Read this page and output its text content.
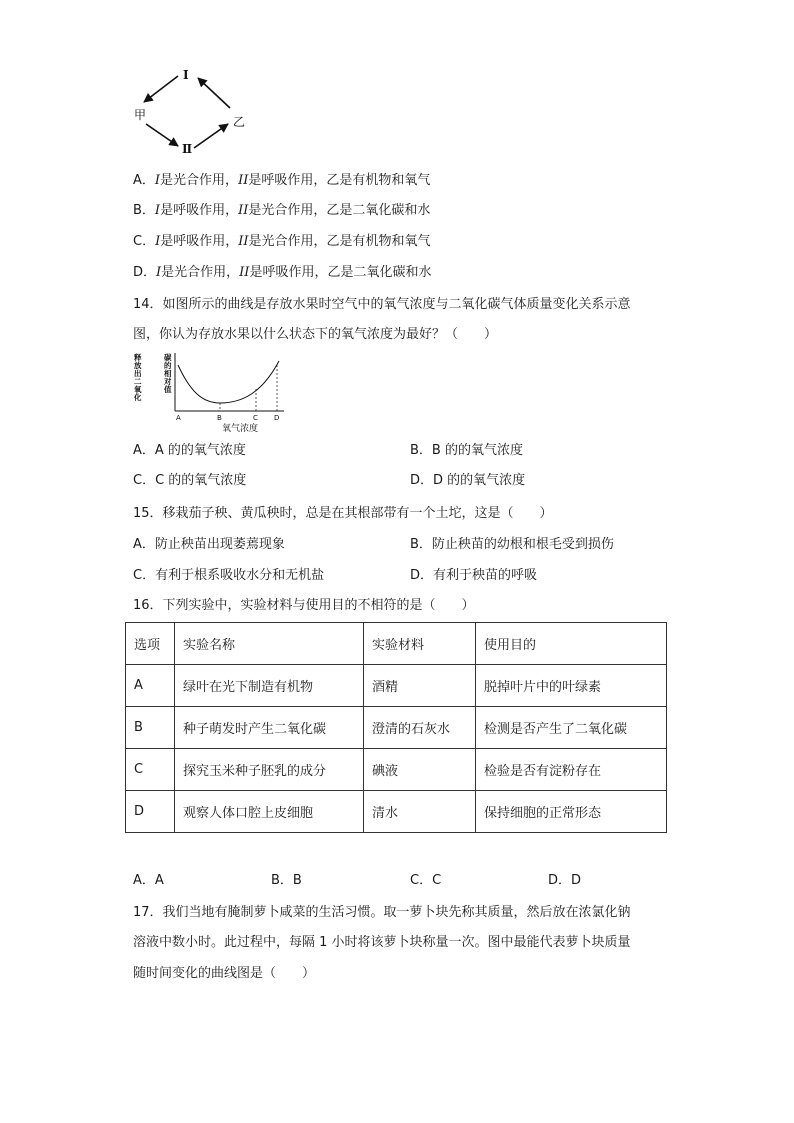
I
甲
Ⅱ
乙
A．I是光合作用，II是呼吸作用，乙是有机物和氧气
B．I是呼吸作用，II是光合作用，乙是二氧化碳和水
C．I是呼吸作用，II是光合作用，乙是有机物和氧气
D．I是光合作用，II是呼吸作用，乙是二氧化碳和水
14．如图所示的曲线是存放水果时空气中的氧气浓度与二氧化碳气体质量变化关系示意
图，你认为存放水果以什么状态下的氧气浓度为最好？（　　）
释放出二氧化
碳的相对值
A	B	C D
氧气浓度
A．A 的的氧气浓度	B．B 的的氧气浓度
C．C 的的氧气浓度	D．D 的的氧气浓度
15．移栽茄子秧、黄瓜秧时，总是在其根部带有一个土坨，这是（　　）
A．防止秧苗出现萎蔫现象	B．防止秧苗的幼根和根毛受到损伤
C．有利于根系吸收水分和无机盐	D．有利于秧苗的呼吸
16．下列实验中，实验材料与使用目的不相符的是（　　）
选项	实验名称	实验材料	使用目的
A	绿叶在光下制造有机物	酒精	脱掉叶片中的叶绿素
B	种子萌发时产生二氧化碳	澄清的石灰水	检测是否产生了二氧化碳
C	探究玉米种子胚乳的成分	碘液	检验是否有淀粉存在
D	观察人体口腔上皮细胞	清水	保持细胞的正常形态
A．A	B．B	C．C	D．D
17．我们当地有腌制萝卜咸菜的生活习惯。取一萝卜块先称其质量，然后放在浓氯化钠
溶液中数小时。此过程中，每隔 1 小时将该萝卜块称量一次。图中最能代表萝卜块质量
随时间变化的曲线图是（　　）
